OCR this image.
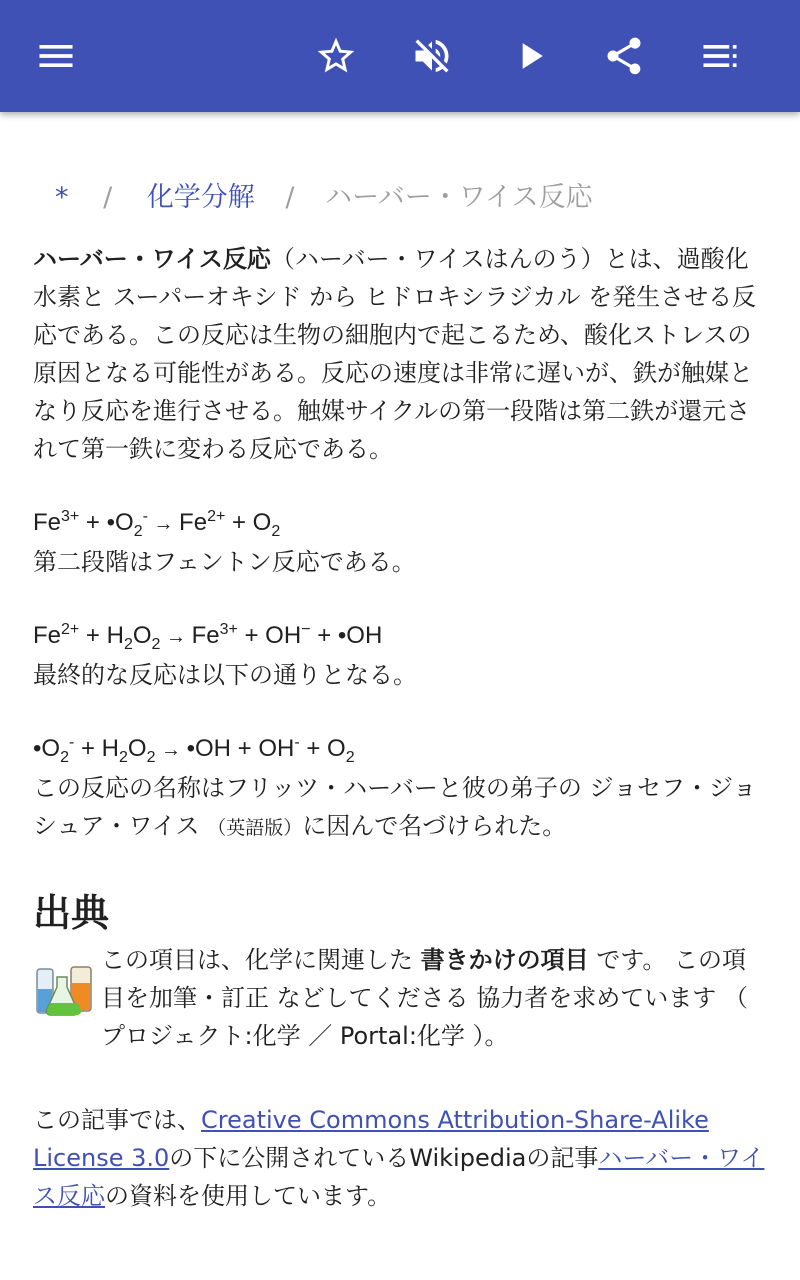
* / 化学分解 / ハーバー・ワイス反応

ハーバー・ワイス反応（ハーバー・ワイスはんのう）とは、過酸化水素と スーパーオキシド から ヒドロキシラジカル を発生させる反応である。この反応は生物の細胞内で起こるため、酸化ストレスの原因となる可能性がある。反応の速度は非常に遅いが、鉄が触媒となり反応を進行させる。触媒サイクルの第一段階は第二鉄が還元されて第一鉄に変わる反応である。

$Fe^{3+}$ + $•O_2^- \to Fe^{2+} + O_2$

第二段階はフェントン反応である。

$Fe^{2+} + H_2O_2 \to Fe^{3+} + OH^-$ + •OH

最終的な反応は以下の通りとなる。

$•O_2^- + H_2O_2$ → •OH + $OH^- + O_2$

この反応の名称はフリッツ・ハーバーと彼の弟子の ジョセフ・ジョシュア・ワイス （英語版）に因んで名づけられた。

出典

この項目は、化学に関連した 書きかけの項目 です。 この項目を加筆・訂正 などしてくださる 協力者を求めています （ プロジェクト:化学 ／ Portal:化学 ）。

この記事では、Creative Commons Attribution-Share-Alike License 3.0の下に公開されているWikipediaの記事ハーバー・ワイス反応の資料を使用しています。
